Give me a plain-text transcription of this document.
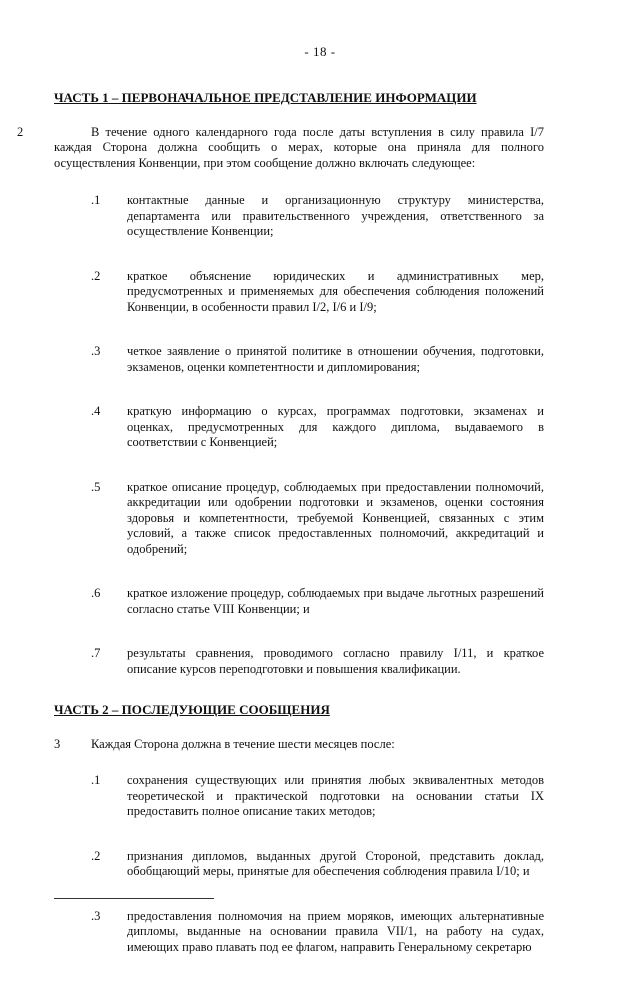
- 18 -
ЧАСТЬ 1 – ПЕРВОНАЧАЛЬНОЕ ПРЕДСТАВЛЕНИЕ ИНФОРМАЦИИ
2	В течение одного календарного года после даты вступления в силу правила I/7 каждая Сторона должна сообщить о мерах, которые она приняла для полного осуществления Конвенции, при этом сообщение должно включать следующее:
.1	контактные данные и организационную структуру министерства, департамента или правительственного учреждения, ответственного за осуществление Конвенции;
.2	краткое объяснение юридических и административных мер, предусмотренных и применяемых для обеспечения соблюдения положений Конвенции, в особенности правил I/2, I/6 и I/9;
.3	четкое заявление о принятой политике в отношении обучения, подготовки, экзаменов, оценки компетентности и дипломирования;
.4	краткую информацию о курсах, программах подготовки, экзаменах и оценках, предусмотренных для каждого диплома, выдаваемого в соответствии с Конвенцией;
.5	краткое описание процедур, соблюдаемых при предоставлении полномочий, аккредитации или одобрении подготовки и экзаменов, оценки состояния здоровья и компетентности, требуемой Конвенцией, связанных с этим условий, а также список предоставленных полномочий, аккредитаций и одобрений;
.6	краткое изложение процедур, соблюдаемых при выдаче льготных разрешений согласно статье VIII Конвенции; и
.7	результаты сравнения, проводимого согласно правилу I/11, и краткое описание курсов переподготовки и повышения квалификации.
ЧАСТЬ 2 – ПОСЛЕДУЮЩИЕ СООБЩЕНИЯ
3	Каждая Сторона должна в течение шести месяцев после:
.1	сохранения существующих или принятия любых эквивалентных методов теоретической и практической подготовки на основании статьи IX предоставить полное описание таких методов;
.2	признания дипломов, выданных другой Стороной, представить доклад, обобщающий меры, принятые для обеспечения соблюдения правила I/10; и
.3	предоставления полномочия на прием моряков, имеющих альтернативные дипломы, выданные на основании правила VII/1, на работу на судах, имеющих право плавать под ее флагом, направить Генеральному секретарю
